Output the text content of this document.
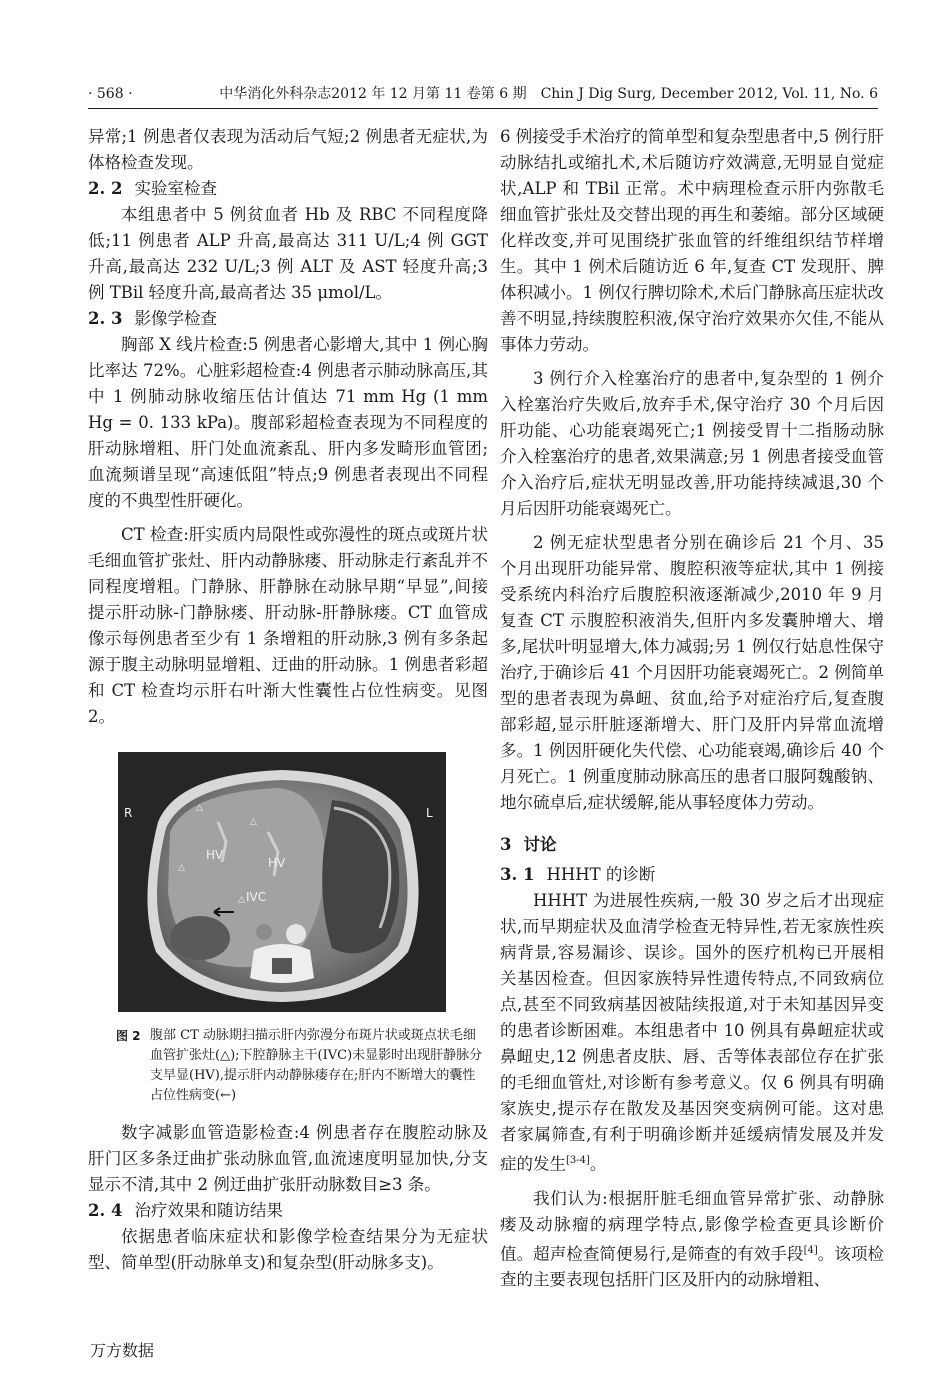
· 568 ·	中华消化外科杂志2012 年 12 月第 11 卷第 6 期　Chin J Dig Surg, December 2012, Vol. 11, No. 6

异常;1 例患者仅表现为活动后气短;2 例患者无症状,为体格检查发现。

2. 2 实验室检查

本组患者中 5 例贫血者 Hb 及 RBC 不同程度降低;11 例患者 ALP 升高,最高达 311 U/L;4 例 GGT 升高,最高达 232 U/L;3 例 ALT 及 AST 轻度升高;3 例 TBil 轻度升高,最高者达 35 μmol/L。

2. 3 影像学检查

胸部 X 线片检查:5 例患者心影增大,其中 1 例心胸比率达 72%。心脏彩超检查:4 例患者示肺动脉高压,其中 1 例肺动脉收缩压估计值达 71 mm Hg (1 mm Hg = 0. 133 kPa)。腹部彩超检查表现为不同程度的肝动脉增粗、肝门处血流紊乱、肝内多发畸形血管团;血流频谱呈现“高速低阻”特点;9 例患者表现出不同程度的不典型性肝硬化。

CT 检查:肝实质内局限性或弥漫性的斑点或斑片状毛细血管扩张灶、肝内动静脉瘘、肝动脉走行紊乱并不同程度增粗。门静脉、肝静脉在动脉早期“早显”,间接提示肝动脉-门静脉瘘、肝动脉-肝静脉瘘。CT 血管成像示每例患者至少有 1 条增粗的肝动脉,3 例有多条起源于腹主动脉明显增粗、迂曲的肝动脉。1 例患者彩超和 CT 检查均示肝右叶渐大性囊性占位性病变。见图 2。

△
△
△
△
R	L
HV
HV
IVC
图 2 腹部 CT 动脉期扫描示肝内弥漫分布斑片状或斑点状毛细血管扩张灶(△);下腔静脉主干(IVC)未显影时出现肝静脉分支早显(HV),提示肝内动静脉瘘存在;肝内不断增大的囊性占位性病变(←)

数字减影血管造影检查:4 例患者存在腹腔动脉及肝门区多条迂曲扩张动脉血管,血流速度明显加快,分支显示不清,其中 2 例迂曲扩张肝动脉数目≥3 条。

2. 4 治疗效果和随访结果

依据患者临床症状和影像学检查结果分为无症状型、简单型(肝动脉单支)和复杂型(肝动脉多支)。

6 例接受手术治疗的简单型和复杂型患者中,5 例行肝动脉结扎或缩扎术,术后随访疗效满意,无明显自觉症状,ALP 和 TBil 正常。术中病理检查示肝内弥散毛细血管扩张灶及交替出现的再生和萎缩。部分区域硬化样改变,并可见围绕扩张血管的纤维组织结节样增生。其中 1 例术后随访近 6 年,复查 CT 发现肝、脾体积减小。1 例仅行脾切除术,术后门静脉高压症状改善不明显,持续腹腔积液,保守治疗效果亦欠佳,不能从事体力劳动。

3 例行介入栓塞治疗的患者中,复杂型的 1 例介入栓塞治疗失败后,放弃手术,保守治疗 30 个月后因肝功能、心功能衰竭死亡;1 例接受胃十二指肠动脉介入栓塞治疗的患者,效果满意;另 1 例患者接受血管介入治疗后,症状无明显改善,肝功能持续减退,30 个月后因肝功能衰竭死亡。

2 例无症状型患者分别在确诊后 21 个月、35 个月出现肝功能异常、腹腔积液等症状,其中 1 例接受系统内科治疗后腹腔积液逐渐减少,2010 年 9 月复查 CT 示腹腔积液消失,但肝内多发囊肿增大、增多,尾状叶明显增大,体力减弱;另 1 例仅行姑息性保守治疗,于确诊后 41 个月因肝功能衰竭死亡。2 例简单型的患者表现为鼻衄、贫血,给予对症治疗后,复查腹部彩超,显示肝脏逐渐增大、肝门及肝内异常血流增多。1 例因肝硬化失代偿、心功能衰竭,确诊后 40 个月死亡。1 例重度肺动脉高压的患者口服阿魏酸钠、地尔硫卓后,症状缓解,能从事轻度体力劳动。

3 讨论
3. 1 HHHT 的诊断

HHHT 为进展性疾病,一般 30 岁之后才出现症状,而早期症状及血清学检查无特异性,若无家族性疾病背景,容易漏诊、误诊。国外的医疗机构已开展相关基因检查。但因家族特异性遗传特点,不同致病位点,甚至不同致病基因被陆续报道,对于未知基因异变的患者诊断困难。本组患者中 10 例具有鼻衄症状或鼻衄史,12 例患者皮肤、唇、舌等体表部位存在扩张的毛细血管灶,对诊断有参考意义。仅 6 例具有明确家族史,提示存在散发及基因突变病例可能。这对患者家属筛查,有利于明确诊断并延缓病情发展及并发症的发生[3-4]。

我们认为:根据肝脏毛细血管异常扩张、动静脉瘘及动脉瘤的病理学特点,影像学检查更具诊断价值。超声检查简便易行,是筛查的有效手段[4]。该项检查的主要表现包括肝门区及肝内的动脉增粗、

万方数据
